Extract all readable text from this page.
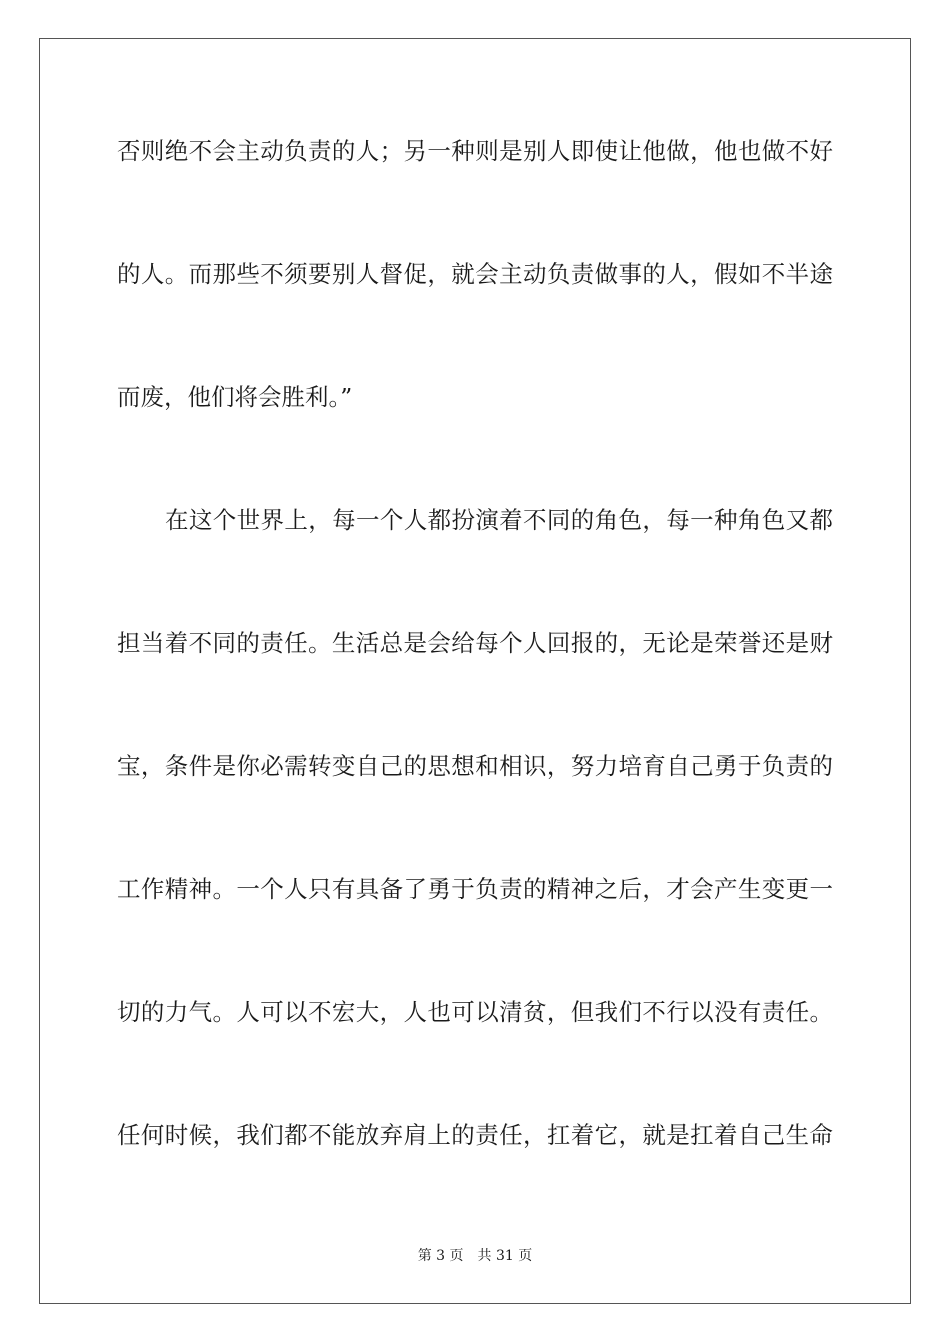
否则绝不会主动负责的人；另一种则是别人即使让他做，他也做不好
的人。而那些不须要别人督促，就会主动负责做事的人，假如不半途
而废，他们将会胜利。”
在这个世界上，每一个人都扮演着不同的角色，每一种角色又都
担当着不同的责任。生活总是会给每个人回报的，无论是荣誉还是财
宝，条件是你必需转变自己的思想和相识，努力培育自己勇于负责的
工作精神。一个人只有具备了勇于负责的精神之后，才会产生变更一
切的力气。人可以不宏大，人也可以清贫，但我们不行以没有责任。
任何时候，我们都不能放弃肩上的责任，扛着它，就是扛着自己生命
第 3 页 共 31 页
